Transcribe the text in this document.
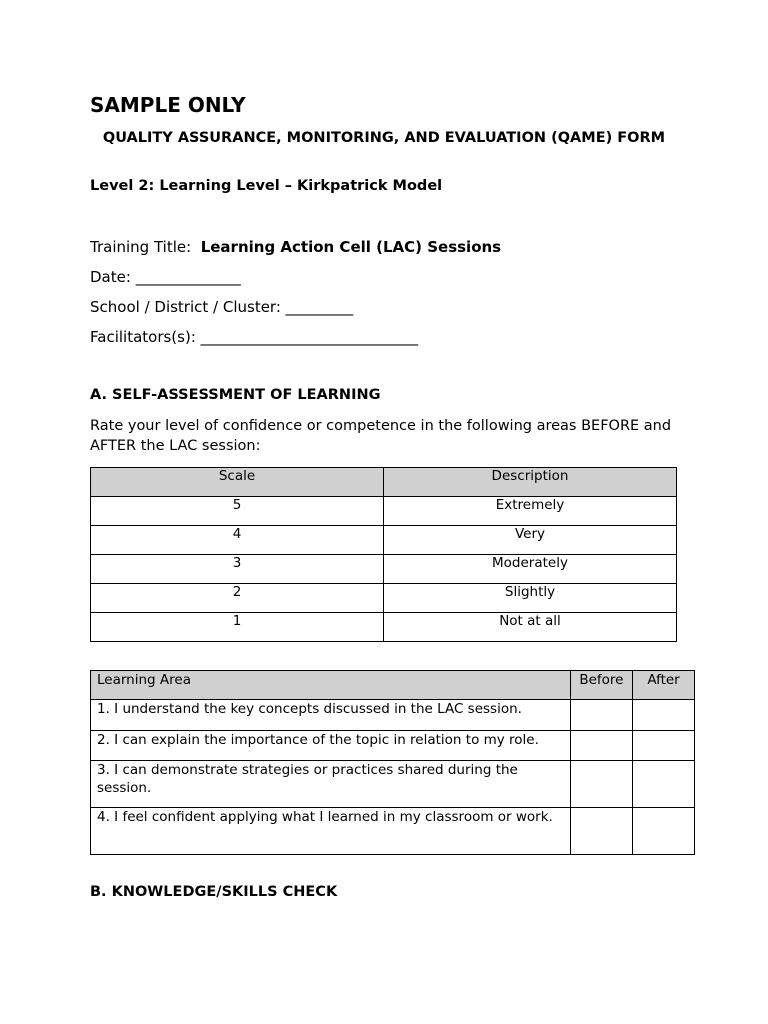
SAMPLE ONLY
QUALITY ASSURANCE, MONITORING, AND EVALUATION (QAME) FORM
Level 2: Learning Level – Kirkpatrick Model
Training Title: Learning Action Cell (LAC) Sessions
Date: ______________
School / District / Cluster: _________
Facilitators(s): _____________________________
A. SELF-ASSESSMENT OF LEARNING
Rate your level of confidence or competence in the following areas BEFORE and AFTER the LAC session:
Scale	Description
5	Extremely
4	Very
3	Moderately
2	Slightly
1	Not at all
Learning Area	Before	After
1. I understand the key concepts discussed in the LAC session.		
2. I can explain the importance of the topic in relation to my role.		
3. I can demonstrate strategies or practices shared during the session.		
4. I feel confident applying what I learned in my classroom or work.		
B. KNOWLEDGE/SKILLS CHECK
